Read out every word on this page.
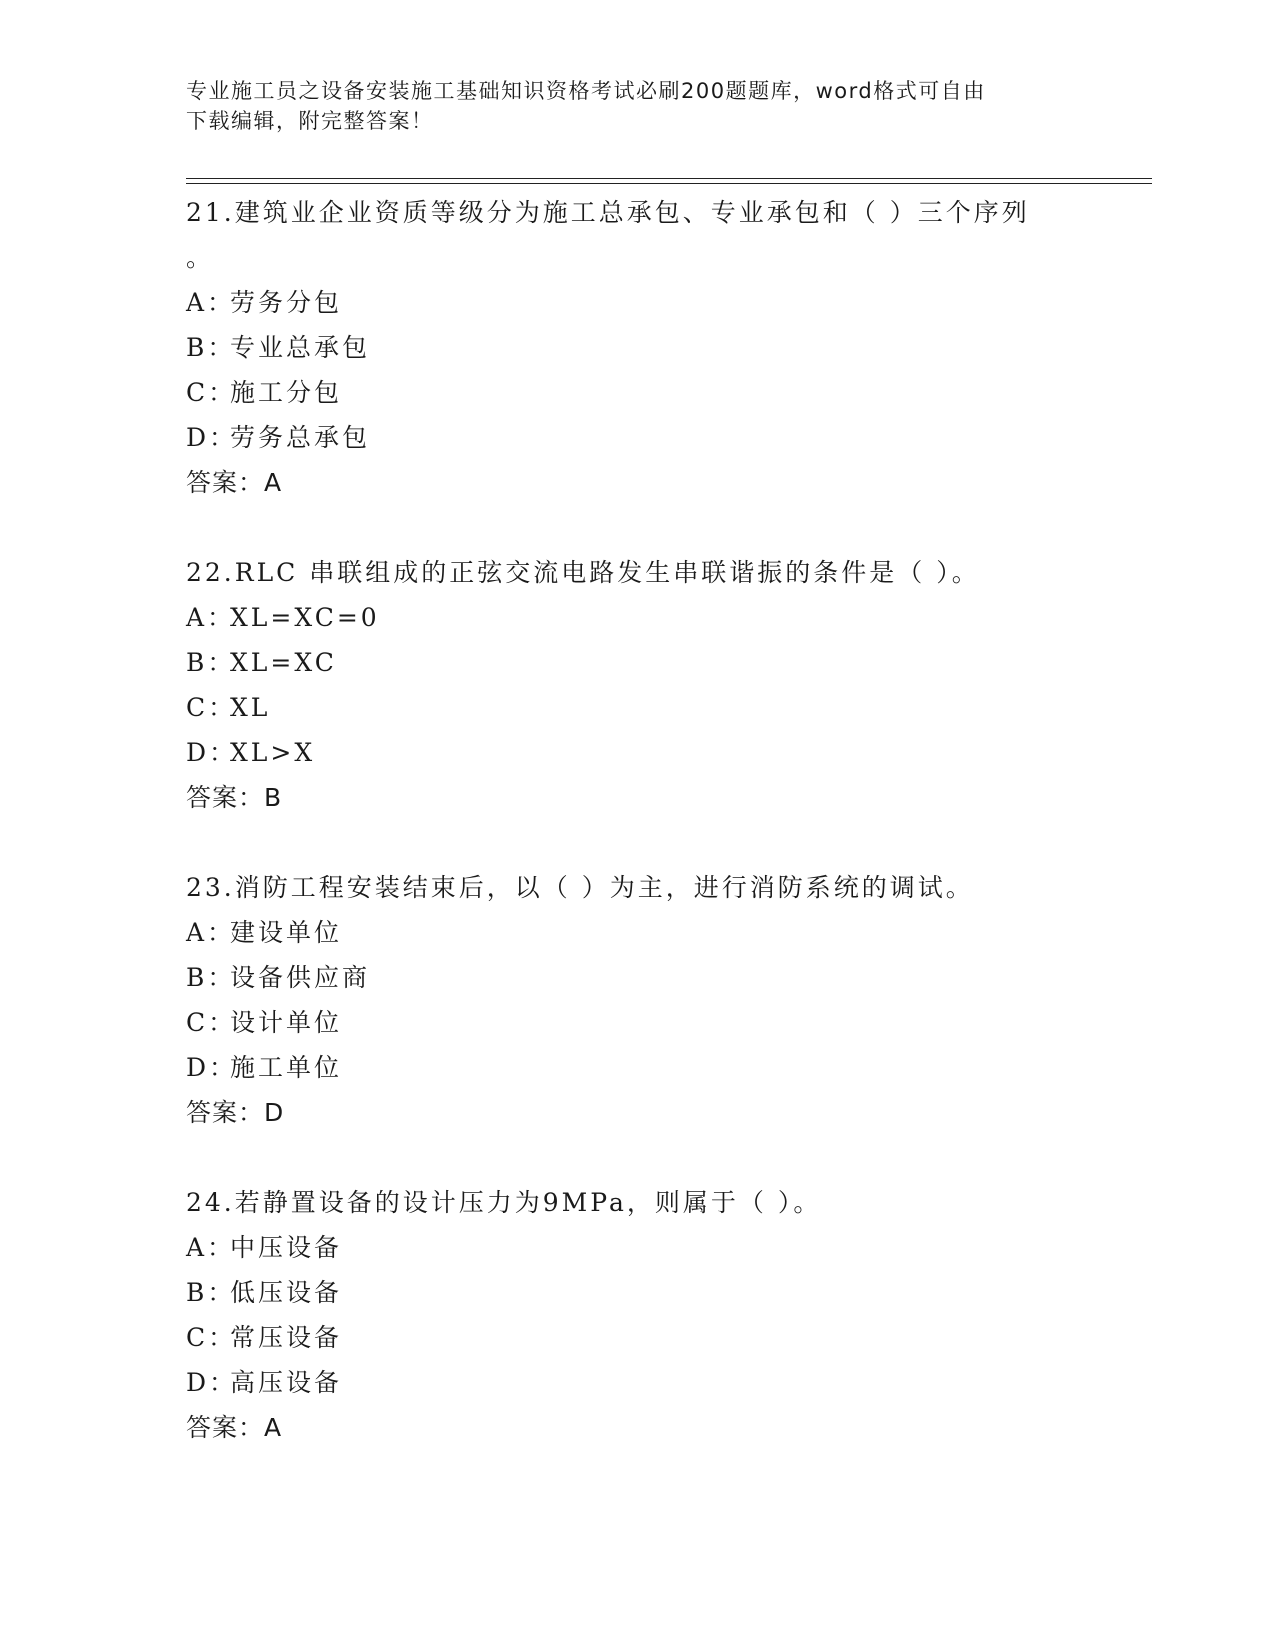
专业施工员之设备安装施工基础知识资格考试必刷200题题库，word格式可自由
下载编辑，附完整答案！
21.建筑业企业资质等级分为施工总承包、专业承包和（ ）三个序列
。
A：劳务分包
B：专业总承包
C：施工分包
D：劳务总承包
答案：A
22.RLC 串联组成的正弦交流电路发生串联谐振的条件是（ ）。
A：XL=XC=0
B：XL=XC
C：XL
D：XL>X
答案：B
23.消防工程安装结束后，以（ ）为主，进行消防系统的调试。
A：建设单位
B：设备供应商
C：设计单位
D：施工单位
答案：D
24.若静置设备的设计压力为9MPa，则属于（ ）。
A：中压设备
B：低压设备
C：常压设备
D：高压设备
答案：A
